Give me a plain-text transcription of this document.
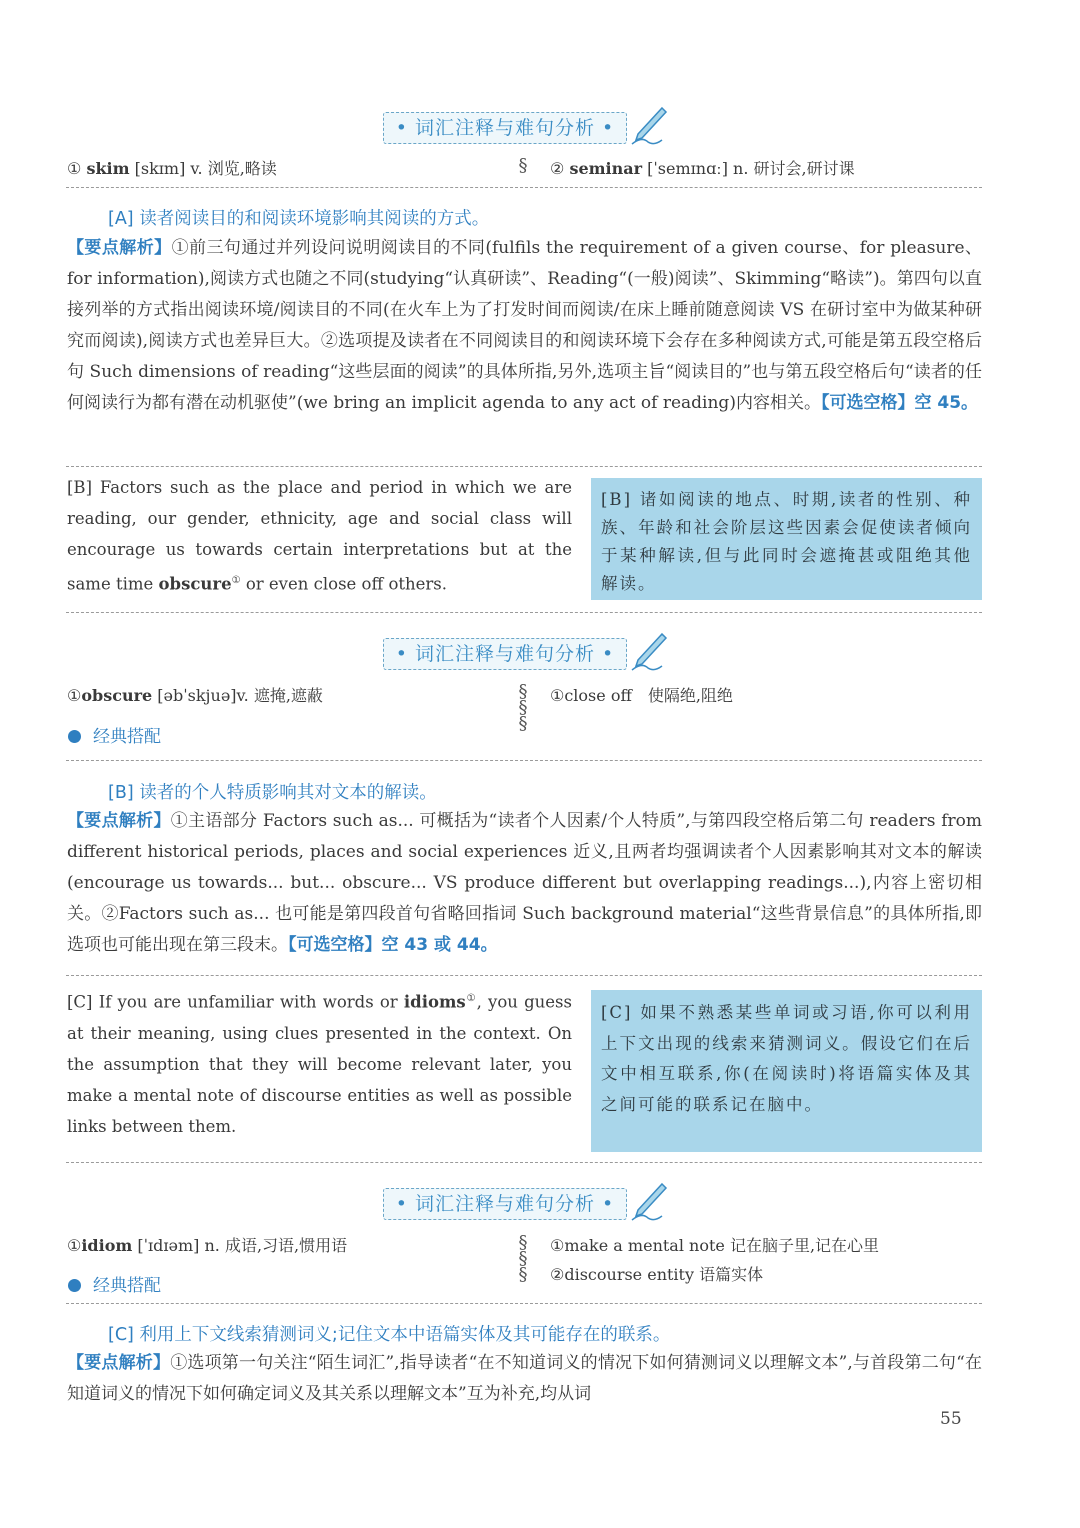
• 词汇注释与难句分析 •
① skim [skɪm] v. 浏览,略读	§ ② seminar [ˈsemɪnɑː] n. 研讨会,研讨课
[A] 读者阅读目的和阅读环境影响其阅读的方式。
【要点解析】①前三句通过并列设问说明阅读目的不同(fulfils the requirement of a given course、for pleasure、for information),阅读方式也随之不同(studying“认真研读”、Reading“(一般)阅读”、Skimming“略读”)。第四句以直接列举的方式指出阅读环境/阅读目的不同(在火车上为了打发时间而阅读/在床上睡前随意阅读 VS 在研讨室中为做某种研究而阅读),阅读方式也差异巨大。②选项提及读者在不同阅读目的和阅读环境下会存在多种阅读方式,可能是第五段空格后句 Such dimensions of reading“这些层面的阅读”的具体所指,另外,选项主旨“阅读目的”也与第五段空格后句“读者的任何阅读行为都有潜在动机驱使”(we bring an implicit agenda to any act of reading)内容相关。【可选空格】空 45。
[B] Factors such as the place and period in which we are reading, our gender, ethnicity, age and social class will encourage us towards certain interpretations but at the same time obscure① or even close off others.
[B] 诸如阅读的地点、时期,读者的性别、种族、年龄和社会阶层这些因素会促使读者倾向于某种解读,但与此同时会遮掩甚或阻绝其他解读。
• 词汇注释与难句分析 •
①obscure [əbˈskjuə]v. 遮掩,遮蔽	§
§
§
①close off　使隔绝,阻绝
经典搭配
[B] 读者的个人特质影响其对文本的解读。
【要点解析】①主语部分 Factors such as... 可概括为“读者个人因素/个人特质”,与第四段空格后第二句 readers from different historical periods, places and social experiences 近义,且两者均强调读者个人因素影响其对文本的解读(encourage us towards... but... obscure... VS produce different but overlapping readings...),内容上密切相关。②Factors such as... 也可能是第四段首句省略回指词 Such background material“这些背景信息”的具体所指,即选项也可能出现在第三段末。【可选空格】空 43 或 44。
[C] If you are unfamiliar with words or idioms①, you guess at their meaning, using clues presented in the context. On the assumption that they will become relevant later, you make a mental note of discourse entities as well as possible links between them.
[C] 如果不熟悉某些单词或习语,你可以利用上下文出现的线索来猜测词义。假设它们在后文中相互联系,你(在阅读时)将语篇实体及其之间可能的联系记在脑中。
• 词汇注释与难句分析 •
①idiom [ˈɪdɪəm] n. 成语,习语,惯用语	§
§
§
①make a mental note 记在脑子里,记在心里
②discourse entity 语篇实体
经典搭配
[C] 利用上下文线索猜测词义;记住文本中语篇实体及其可能存在的联系。
【要点解析】①选项第一句关注“陌生词汇”,指导读者“在不知道词义的情况下如何猜测词义以理解文本”,与首段第二句“在知道词义的情况下如何确定词义及其关系以理解文本”互为补充,均从词
55
